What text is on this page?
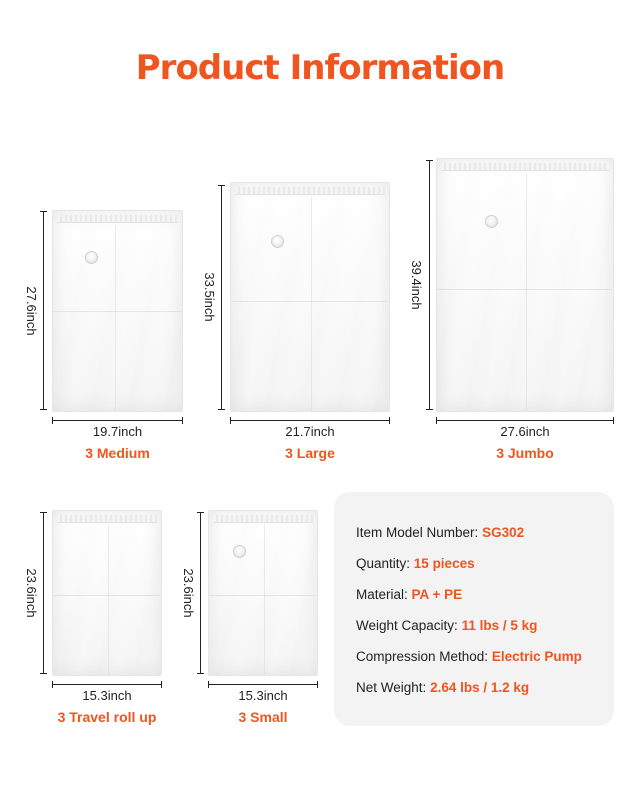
Product Information
27.6inch
19.7inch
3 Medium
33.5inch
21.7inch
3 Large
39.4inch
27.6inch
3 Jumbo
23.6inch
15.3inch
3 Travel roll up
23.6inch
15.3inch
3 Small
Item Model Number: SG302
Quantity: 15 pieces
Material: PA + PE
Weight Capacity: 11 lbs / 5 kg
Compression Method: Electric Pump
Net Weight: 2.64 lbs / 1.2 kg
